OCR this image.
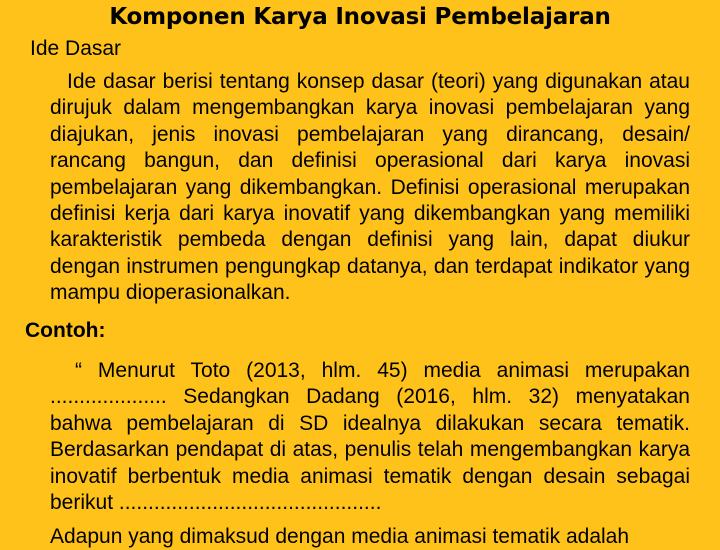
Komponen Karya Inovasi Pembelajaran
Ide Dasar
Ide dasar berisi tentang konsep dasar (teori) yang digunakan atau dirujuk dalam mengembangkan karya inovasi pembelajaran yang diajukan, jenis inovasi pembelajaran yang dirancang, desain/ rancang bangun, dan definisi operasional dari karya inovasi pembelajaran yang dikembangkan. Definisi operasional merupakan definisi kerja dari karya inovatif yang dikembangkan yang memiliki karakteristik pembeda dengan definisi yang lain, dapat diukur dengan instrumen pengungkap datanya, dan terdapat indikator yang mampu dioperasionalkan.
Contoh:
“ Menurut Toto (2013, hlm. 45) media animasi merupakan .................... Sedangkan Dadang (2016, hlm. 32) menyatakan bahwa pembelajaran di SD idealnya dilakukan secara tematik. Berdasarkan pendapat di atas, penulis telah mengembangkan karya inovatif berbentuk media animasi tematik dengan desain sebagai berikut .............................................
Adapun yang dimaksud dengan media animasi tematik adalah
